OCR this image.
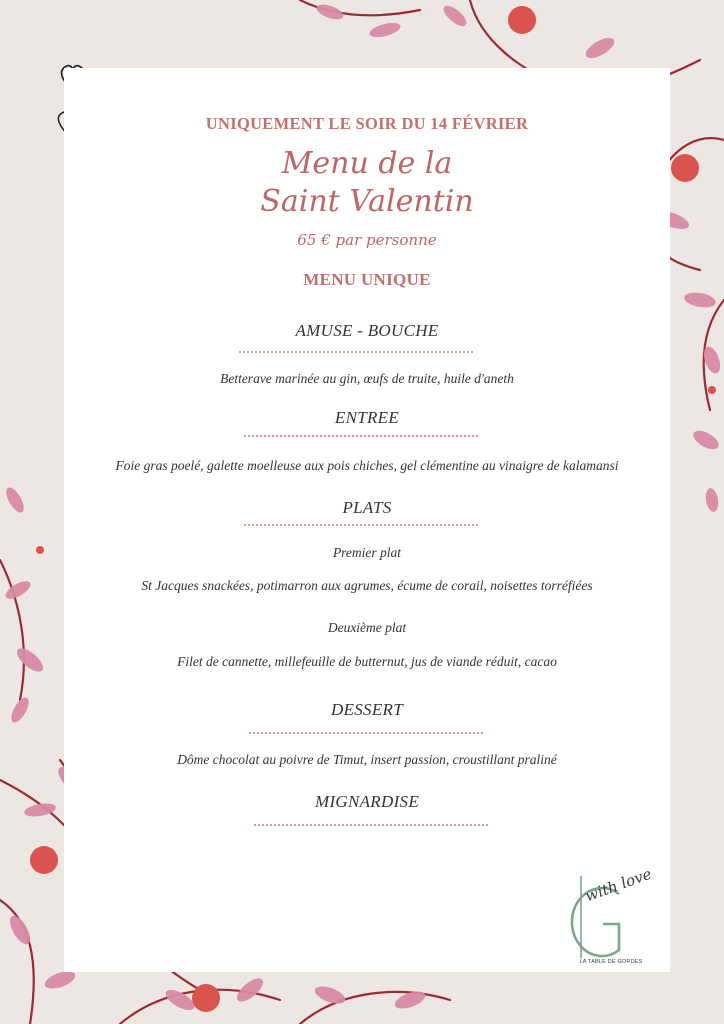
UNIQUEMENT LE SOIR DU 14 FÉVRIER
Menu de la
Saint Valentin
65 € par personne
MENU UNIQUE
AMUSE - BOUCHE
Betterave marinée au gin, œufs de truite, huile d'aneth
ENTREE
Foie gras poelé, galette moelleuse aux pois chiches, gel clémentine au vinaigre de kalamansi
PLATS
Premier plat
St Jacques snackées, potimarron aux agrumes, écume de corail, noisettes torréfiées
Deuxième plat
Filet de cannette, millefeuille de butternut, jus de viande réduit, cacao
DESSERT
Dôme chocolat au poivre de Timut, insert passion, croustillant praliné
MIGNARDISE
with love
LA TABLE DE GORDES
